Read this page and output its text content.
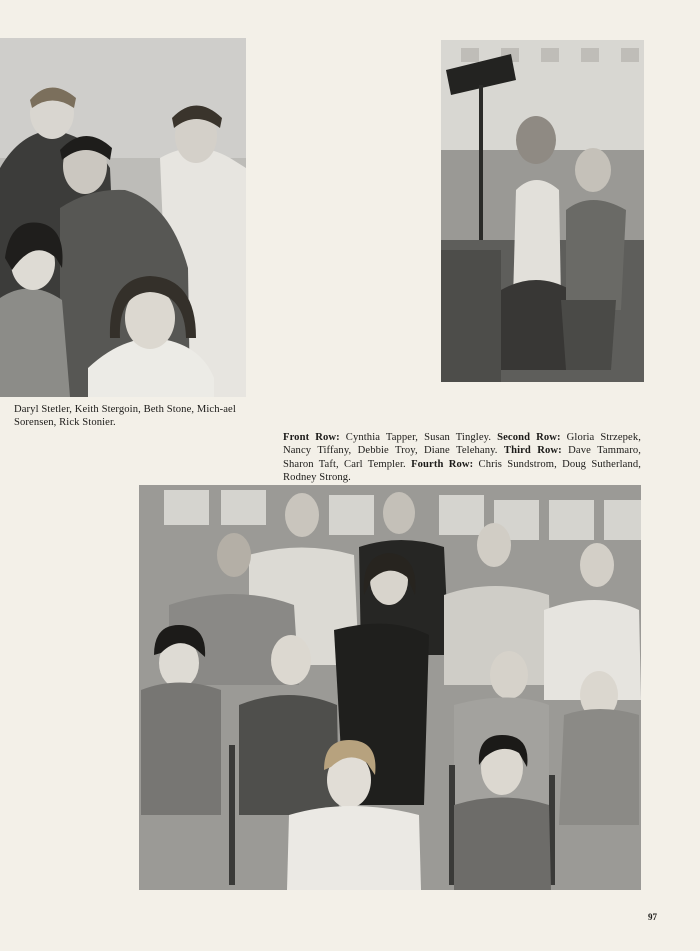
Daryl Stetler, Keith Stergoin, Beth Stone, Mich-ael Sorensen, Rick Stonier.

Front Row: Cynthia Tapper, Susan Tingley. Second Row: Gloria Strzepek, Nancy Tiffany, Debbie Troy, Diane Telehany. Third Row: Dave Tammaro, Sharon Taft, Carl Templer. Fourth Row: Chris Sundstrom, Doug Sutherland, Rodney Strong.

97
